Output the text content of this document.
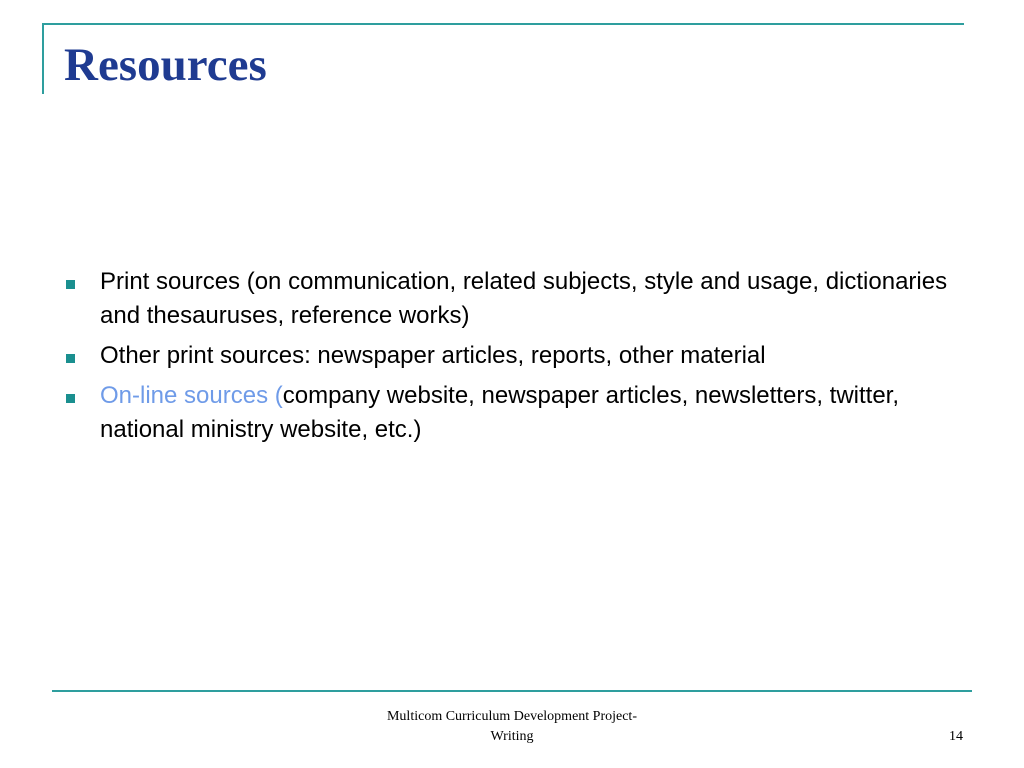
Resources
Print sources (on communication, related subjects, style and usage, dictionaries and thesauruses, reference works)
Other print sources: newspaper articles, reports, other material
On-line sources (company website, newspaper articles, newsletters, twitter, national ministry website, etc.)
Multicom Curriculum Development Project-
Writing	14
